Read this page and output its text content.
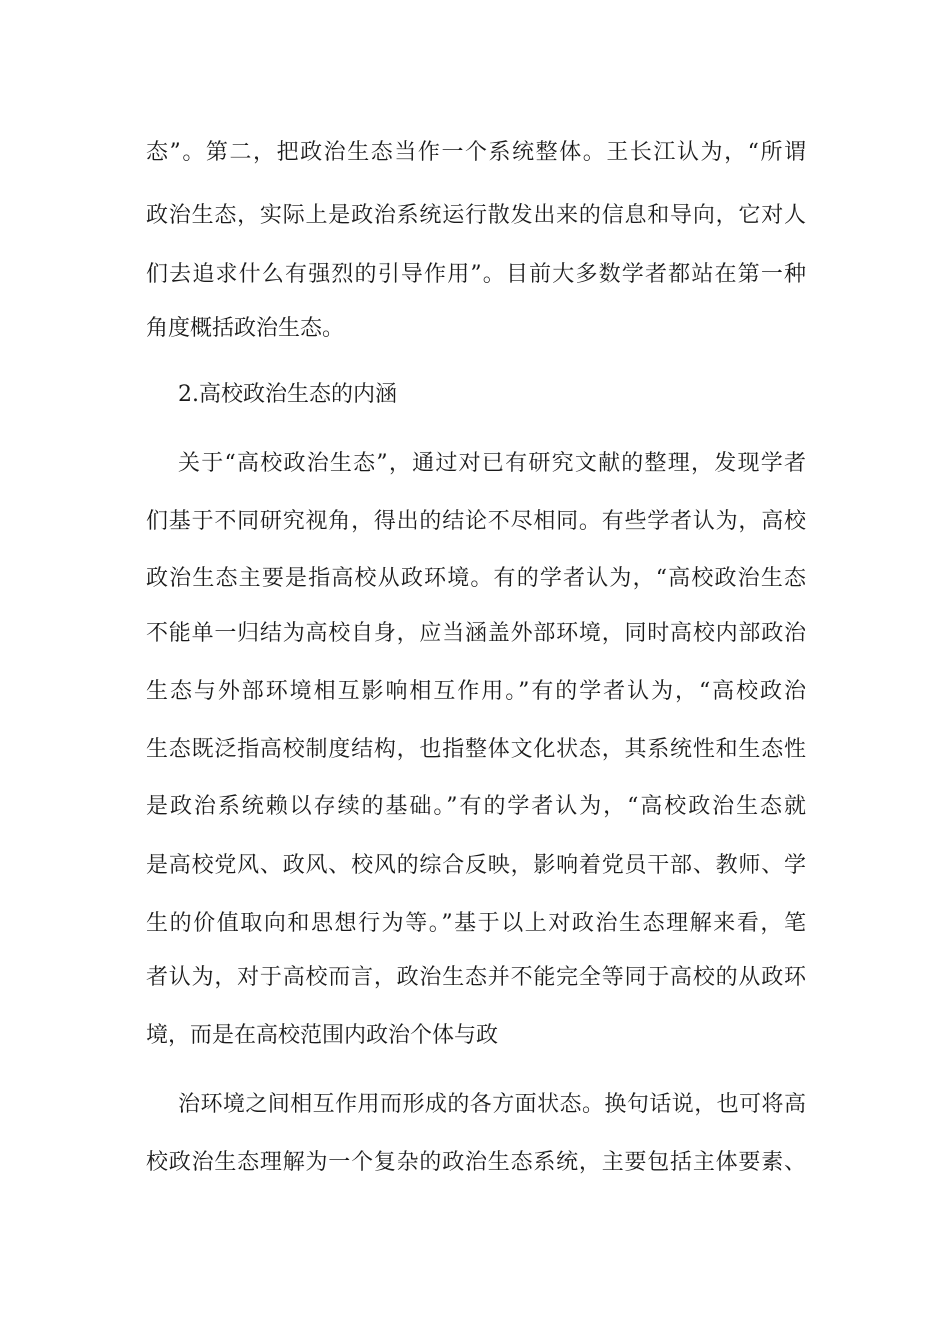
态”。第二，把政治生态当作一个系统整体。王长江认为，“所谓
政治生态，实际上是政治系统运行散发出来的信息和导向，它对人
们去追求什么有强烈的引导作用”。目前大多数学者都站在第一种
角度概括政治生态。
2.高校政治生态的内涵
关于“高校政治生态”，通过对已有研究文献的整理，发现学者
们基于不同研究视角，得出的结论不尽相同。有些学者认为，高校
政治生态主要是指高校从政环境。有的学者认为，“高校政治生态
不能单一归结为高校自身，应当涵盖外部环境，同时高校内部政治
生态与外部环境相互影响相互作用。”有的学者认为，“高校政治
生态既泛指高校制度结构，也指整体文化状态，其系统性和生态性
是政治系统赖以存续的基础。”有的学者认为，“高校政治生态就
是高校党风、政风、校风的综合反映，影响着党员干部、教师、学
生的价值取向和思想行为等。”基于以上对政治生态理解来看，笔
者认为，对于高校而言，政治生态并不能完全等同于高校的从政环
境，而是在高校范围内政治个体与政
治环境之间相互作用而形成的各方面状态。换句话说，也可将高
校政治生态理解为一个复杂的政治生态系统，主要包括主体要素、
